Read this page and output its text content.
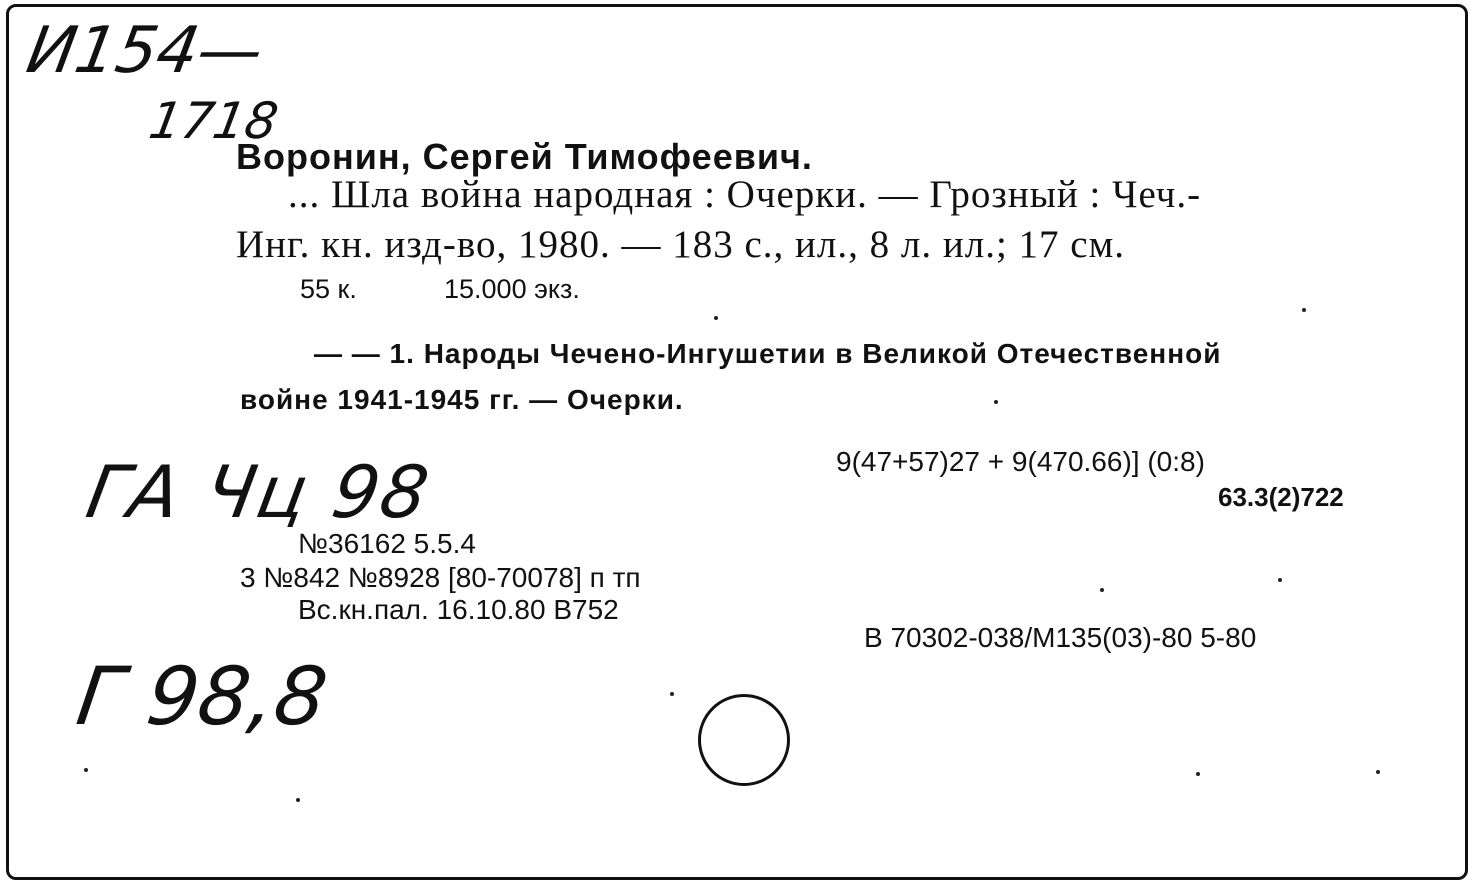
И154—
1718
ГА Чц 98
Г 98,8
Воронин, Сергей Тимофеевич.
... Шла война народная : Очерки. — Грозный : Чеч.-
Инг. кн. изд-во, 1980. — 183 с., ил., 8 л. ил.; 17 см.
55 к.	15.000 экз.
— — 1. Народы Чечено-Ингушетии в Великой Отечественной
войне 1941-1945 гг. — Очерки.
9(47+57)27 + 9(470.66)] (0:8)
63.3(2)722
№36162 5.5.4
3 №842 №8928 [80-70078] п тп
Вс.кн.пал. 16.10.80 В752
В 70302-038/М135(03)-80 5-80
